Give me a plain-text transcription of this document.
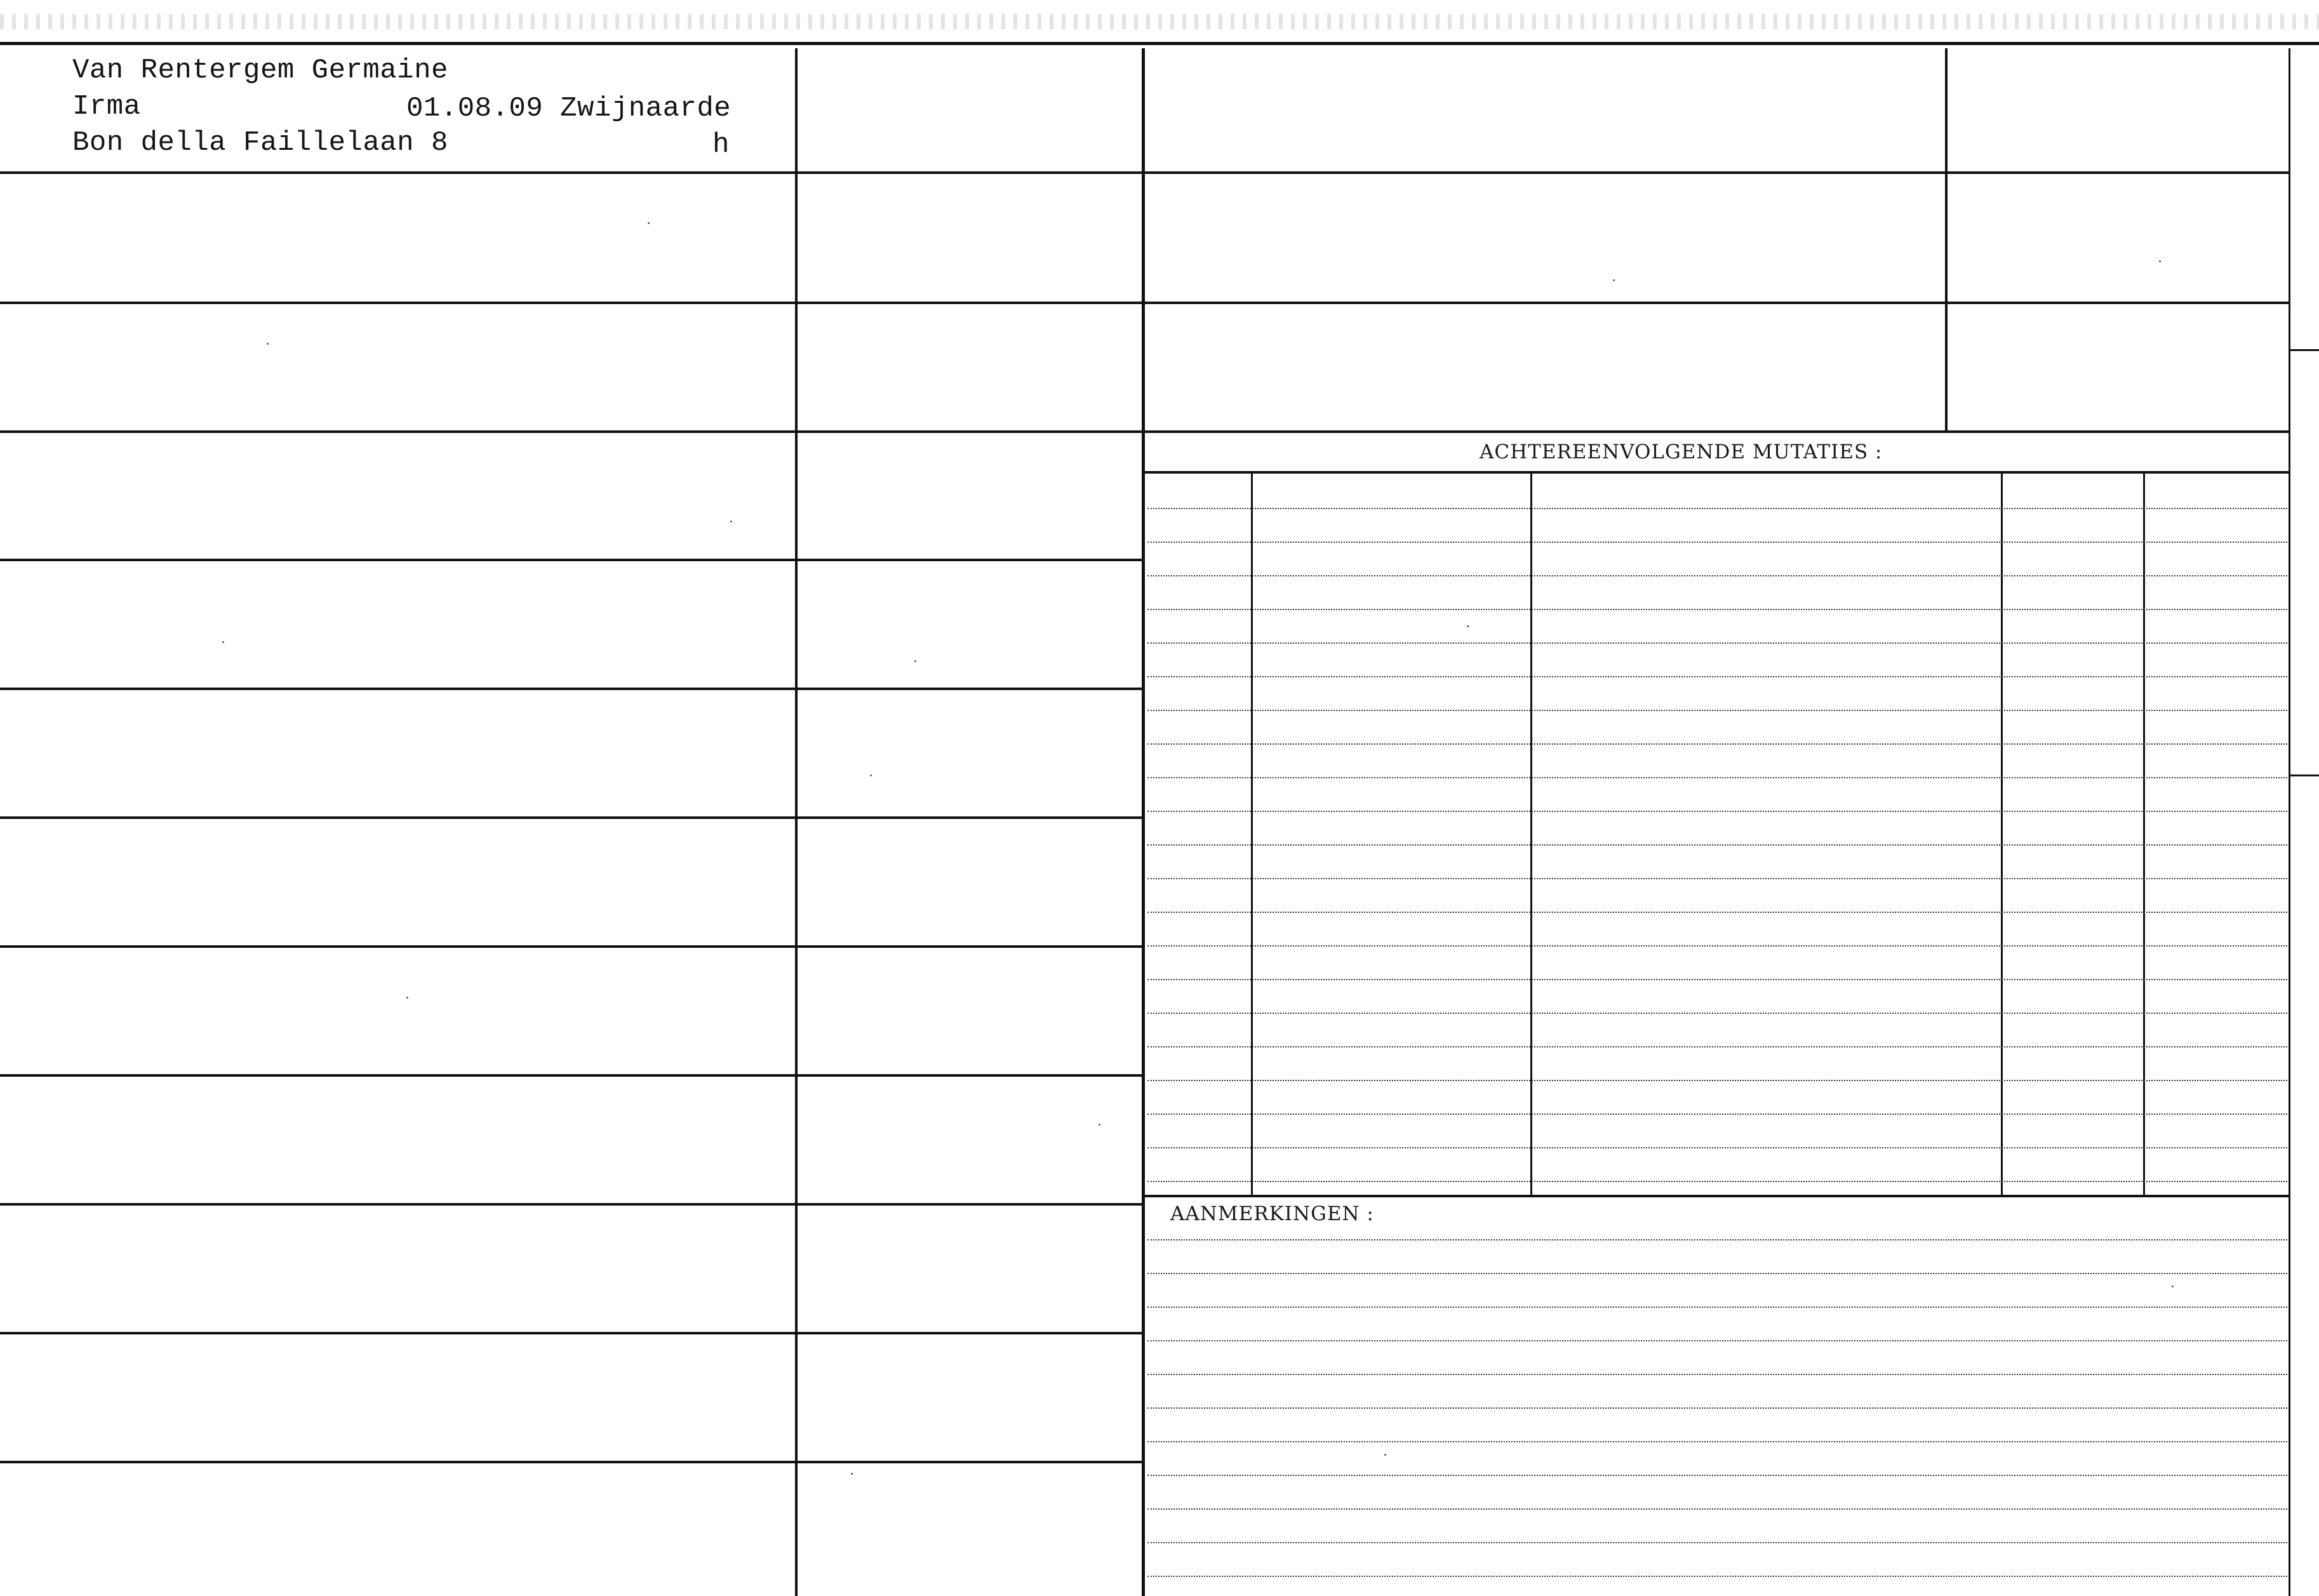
Van Rentergem Germaine
Irma	01.08.09 Zwijnaarde
Bon della Faillelaan 8	h
ACHTEREENVOLGENDE MUTATIES :
AANMERKINGEN :
